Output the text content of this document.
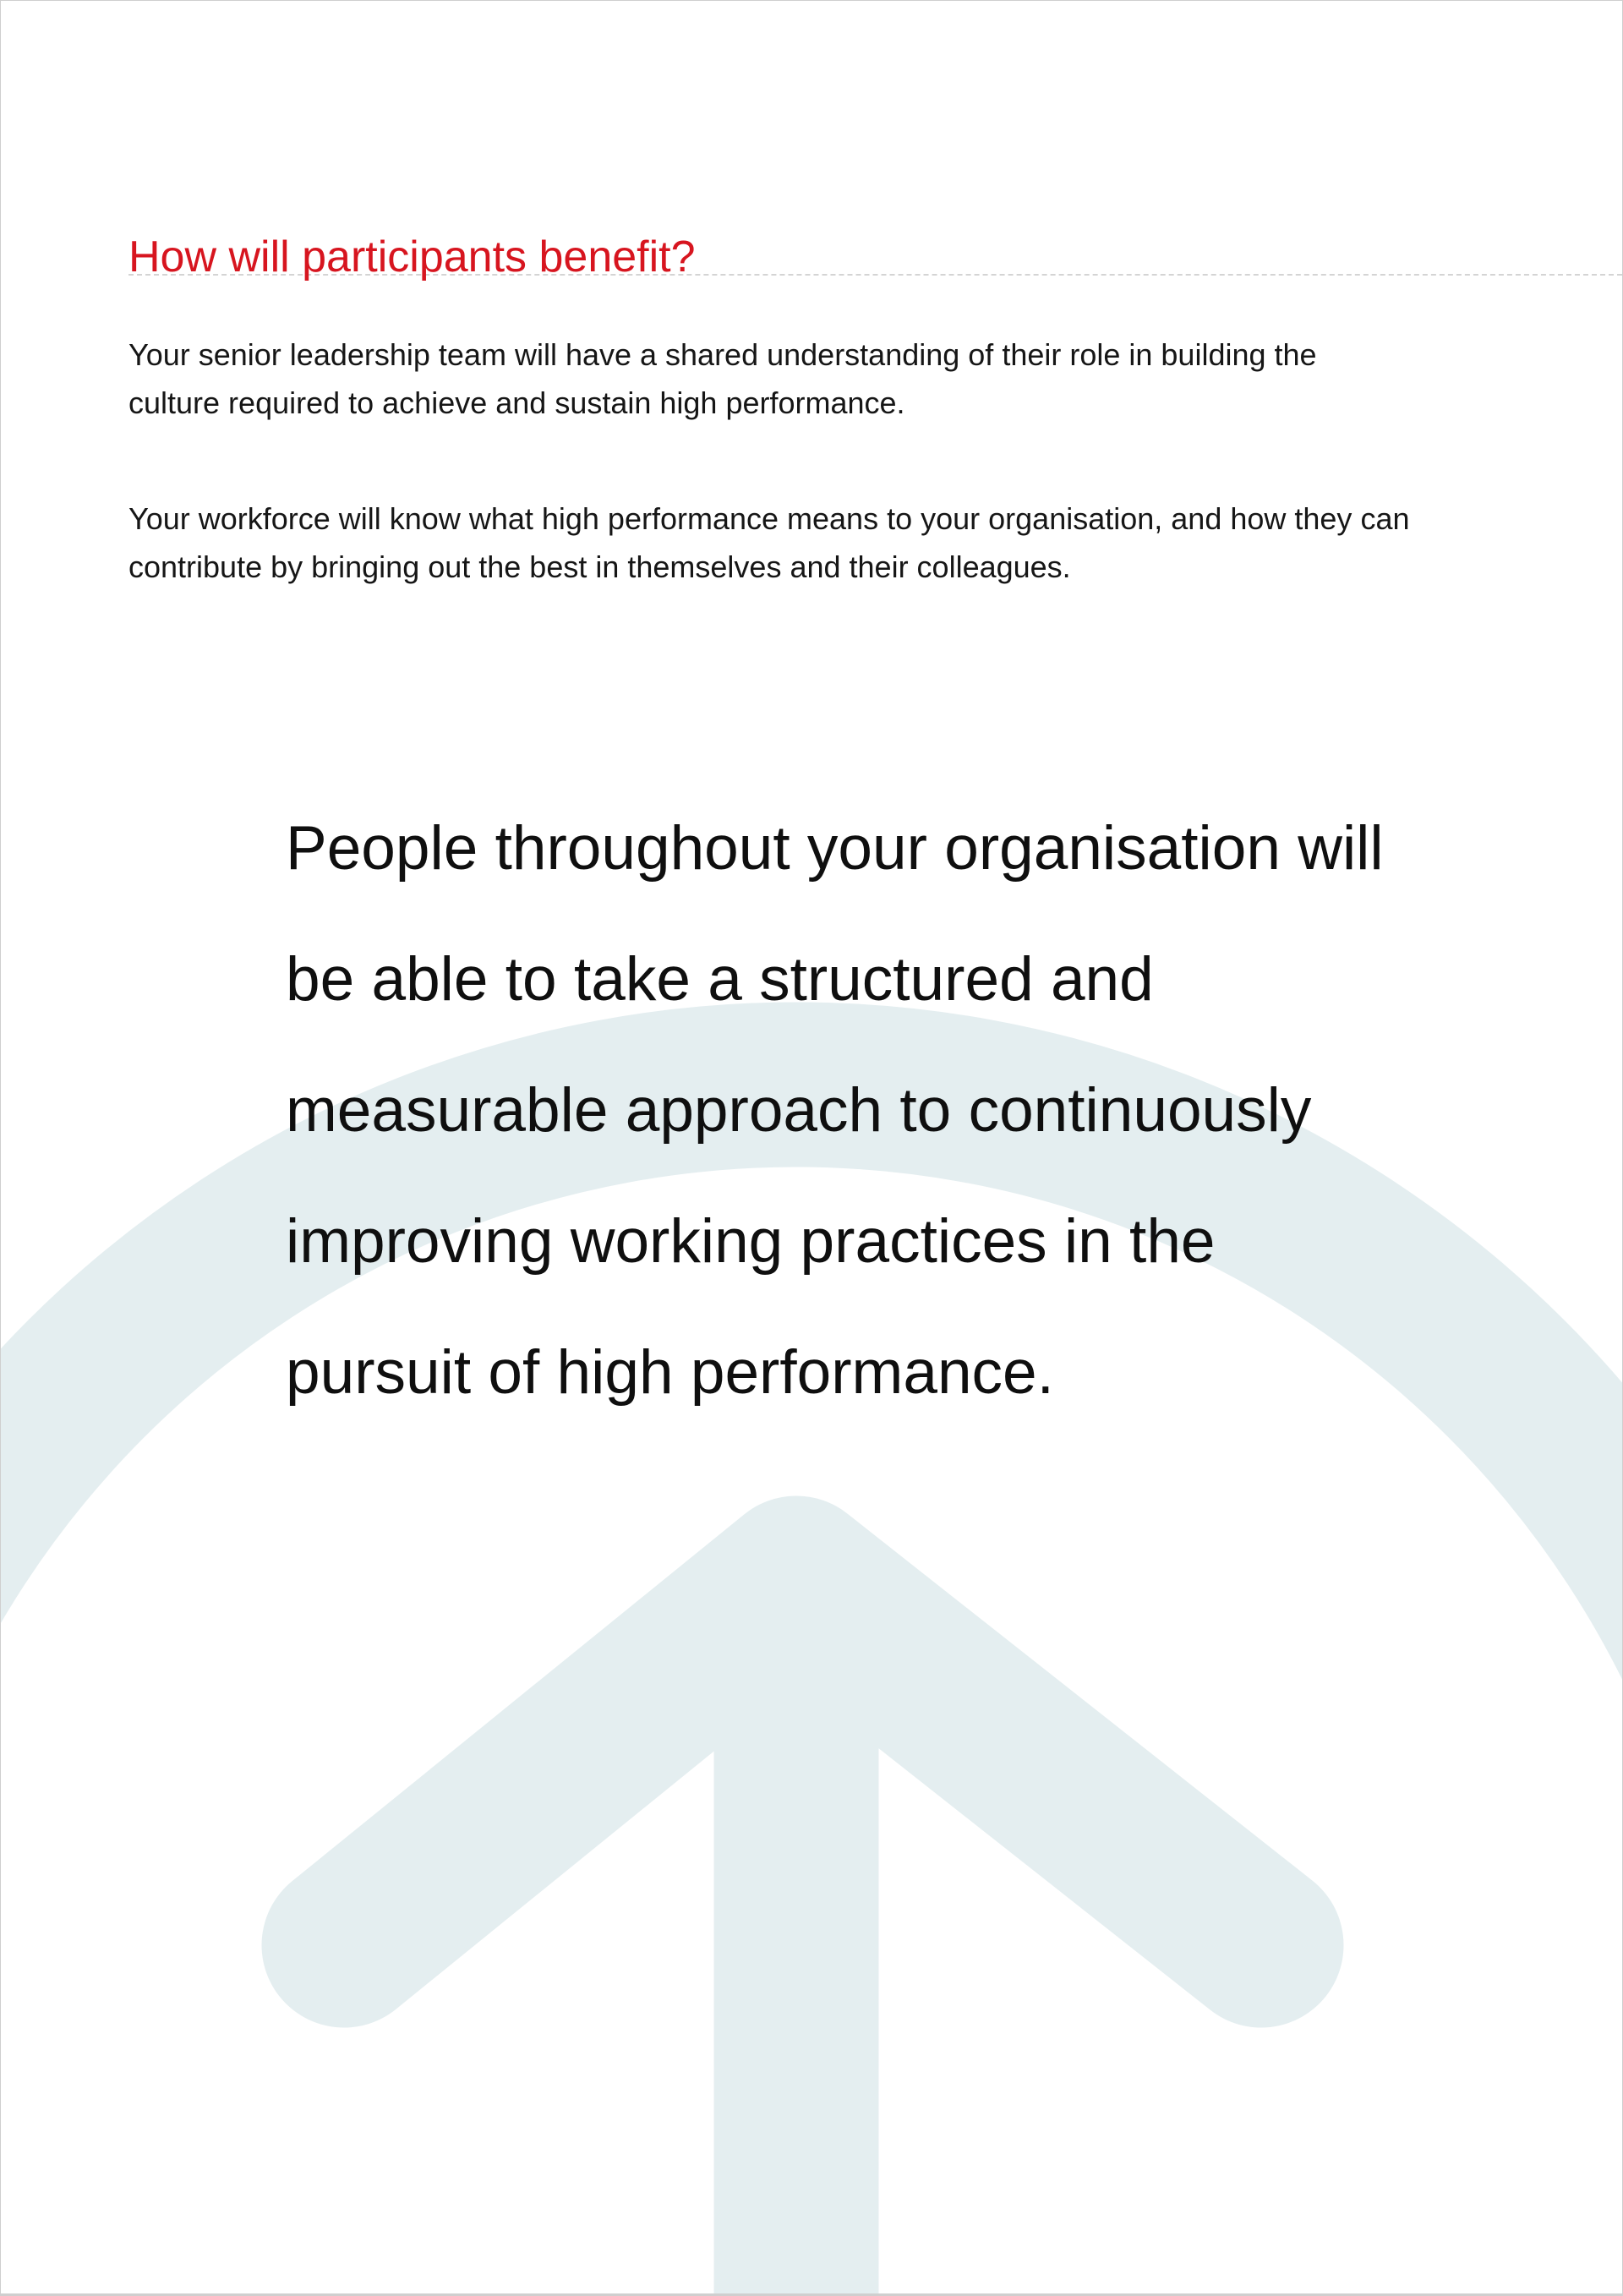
How will participants benefit?

Your senior leadership team will have a shared understanding of their role in building the culture required to achieve and sustain high performance.

Your workforce will know what high performance means to your organisation, and how they can contribute by bringing out the best in themselves and their colleagues.

People throughout your organisation will be able to take a structured and measurable approach to continuously improving working practices in the pursuit of high performance.
